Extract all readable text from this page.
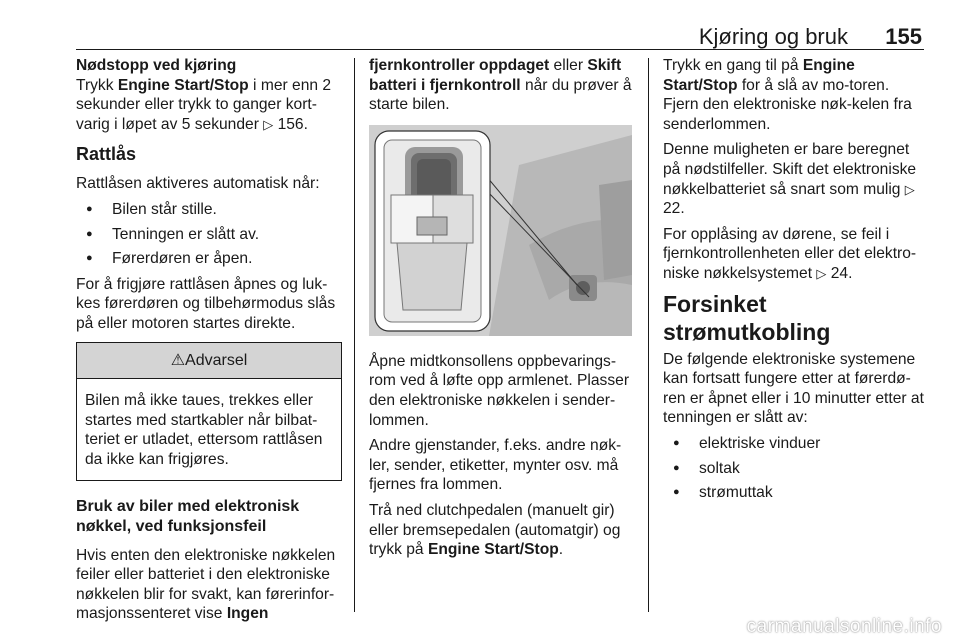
Kjøring og bruk 155
Nødstopp ved kjøring
Trykk Engine Start/Stop i mer enn 2 sekunder eller trykk to ganger kort-varig i løpet av 5 sekunder ▷ 156.
Rattlås

Rattlåsen aktiveres automatisk når:

● Bilen står stille.
● Tenningen er slått av.
● Førerdøren er åpen.

For å frigjøre rattlåsen åpnes og luk-kes førerdøren og tilbehørmodus slås på eller motoren startes direkte.

⚠Advarsel
Bilen må ikke taues, trekkes eller startes med startkabler når bilbat-teriet er utladet, ettersom rattlåsen da ikke kan frigjøres.
Bruk av biler med elektronisk nøkkel, ved funksjonsfeil

Hvis enten den elektroniske nøkkelen feiler eller batteriet i den elektroniske nøkkelen blir for svakt, kan førerinfor-masjonssenteret vise Ingen

fjernkontroller oppdaget eller Skift batteri i fjernkontroll når du prøver å starte bilen.

Åpne midtkonsollens oppbevarings-rom ved å løfte opp armlenet. Plasser den elektroniske nøkkelen i sender-lommen.

Andre gjenstander, f.eks. andre nøk-ler, sender, etiketter, mynter osv. må fjernes fra lommen.

Trå ned clutchpedalen (manuelt gir) eller bremsepedalen (automatgir) og trykk på Engine Start/Stop.

Trykk en gang til på Engine Start/Stop for å slå av mo-toren. Fjern den elektroniske nøk-kelen fra senderlommen.

Denne muligheten er bare beregnet på nødstilfeller. Skift det elektroniske nøkkelbatteriet så snart som mulig ▷ 22.

For opplåsing av dørene, se feil i fjernkontrollenheten eller det elektro-niske nøkkelsystemet ▷ 24.

Forsinket strømutkobling

De følgende elektroniske systemene kan fortsatt fungere etter at førerdø-ren er åpnet eller i 10 minutter etter at tenningen er slått av:

● elektriske vinduer
● soltak
● strømuttak
carmanualsonline.info
